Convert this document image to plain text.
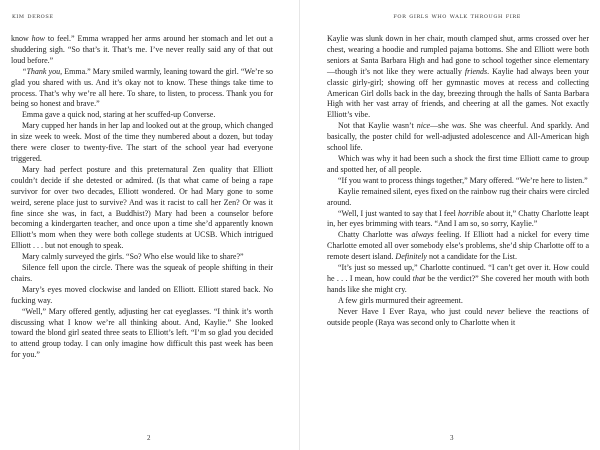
kim derose

know how to feel.” Emma wrapped her arms around her stomach and let out a shuddering sigh. “So that’s it. That’s me. I’ve never really said any of that out loud before.”

“Thank you, Emma.” Mary smiled warmly, leaning toward the girl. “We’re so glad you shared with us. And it’s okay not to know. These things take time to process. That’s why we’re all here. To share, to listen, to process. Thank you for being so honest and brave.”

Emma gave a quick nod, staring at her scuffed-up Converse.

Mary cupped her hands in her lap and looked out at the group, which changed in size week to week. Most of the time they numbered about a dozen, but today there were closer to twenty-five. The start of the school year had everyone triggered.

Mary had perfect posture and this preternatural Zen quality that Elliott couldn’t decide if she detested or admired. (Is that what came of being a rape survivor for over two decades, Elliott wondered. Or had Mary gone to some weird, serene place just to survive? And was it racist to call her Zen? Or was it fine since she was, in fact, a Buddhist?) Mary had been a counselor before becoming a kindergarten teacher, and once upon a time she’d apparently known Elliott’s mom when they were both college students at UCSB. Which intrigued Elliott . . . but not enough to speak.

Mary calmly surveyed the girls. “So? Who else would like to share?”

Silence fell upon the circle. There was the squeak of people shifting in their chairs.

Mary’s eyes moved clockwise and landed on Elliott. Elliott stared back. No fucking way.

“Well,” Mary offered gently, adjusting her cat eyeglasses. “I think it’s worth discussing what I know we’re all thinking about. And, Kaylie.” She looked toward the blond girl seated three seats to Elliott’s left. “I’m so glad you decided to attend group today. I can only imagine how difficult this past week has been for you.”

2
for girls who walk through fire

Kaylie was slunk down in her chair, mouth clamped shut, arms crossed over her chest, wearing a hoodie and rumpled pajama bottoms. She and Elliott were both seniors at Santa Barbara High and had gone to school together since elementary—though it’s not like they were actually friends. Kaylie had always been your classic girly-girl; showing off her gymnastic moves at recess and collecting American Girl dolls back in the day, breezing through the halls of Santa Barbara High with her vast array of friends, and cheering at all the games. Not exactly Elliott’s vibe.

Not that Kaylie wasn’t nice—she was. She was cheerful. And sparkly. And basically, the poster child for well-adjusted adolescence and All-American high school life.

Which was why it had been such a shock the first time Elliott came to group and spotted her, of all people.

“If you want to process things together,” Mary offered. “We’re here to listen.”

Kaylie remained silent, eyes fixed on the rainbow rug their chairs were circled around.

“Well, I just wanted to say that I feel horrible about it,” Chatty Charlotte leapt in, her eyes brimming with tears. “And I am so, so sorry, Kaylie.”

Chatty Charlotte was always feeling. If Elliott had a nickel for every time Charlotte emoted all over somebody else’s problems, she’d ship Charlotte off to a remote desert island. Definitely not a candidate for the List.

“It’s just so messed up,” Charlotte continued. “I can’t get over it. How could he . . . I mean, how could that be the verdict?” She covered her mouth with both hands like she might cry.

A few girls murmured their agreement.

Never Have I Ever Raya, who just could never believe the reactions of outside people (Raya was second only to Charlotte when it

3
